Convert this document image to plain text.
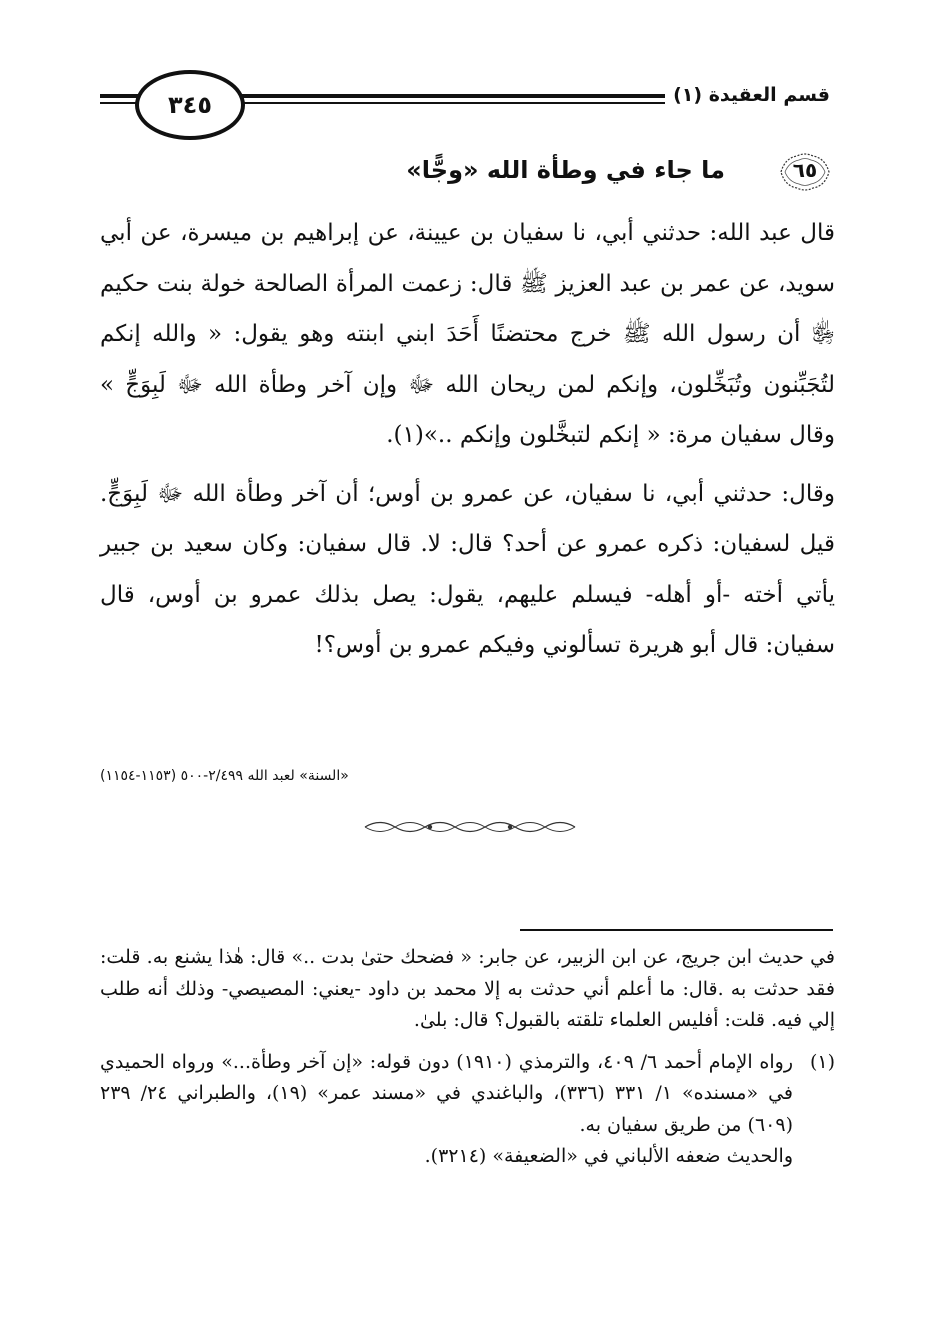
٣٤٥	قسم العقيدة (١)
٦٥
ما جاء في وطأة الله «وجًّا»

قال عبد الله: حدثني أبي، نا سفيان بن عيينة، عن إبراهيم بن ميسرة، عن أبي سويد، عن عمر بن عبد العزيز ﷺ قال: زعمت المرأة الصالحة خولة بنت حكيم ﵂ أن رسول الله ﷺ خرج محتضنًا أَحَدَ ابني ابنته وهو يقول: « والله إنكم لتُجَبِّنون وتُبَخِّلون، وإنكم لمن ريحان الله ﷻ وإن آخر وطأة الله ﷻ لَبِوَجٍّ » وقال سفيان مرة: « إنكم لتبخَّلون وإنكم ..»(١).

وقال: حدثني أبي، نا سفيان، عن عمرو بن أوس؛ أن آخر وطأة الله ﷻ لَبِوَجٍّ. قيل لسفيان: ذكره عمرو عن أحد؟ قال: لا. قال سفيان: وكان سعيد بن جبير يأتي أخته -أو أهله- فيسلم عليهم، يقول: يصل بذلك عمرو بن أوس، قال سفيان: قال أبو هريرة تسألوني وفيكم عمرو بن أوس؟!

«السنة» لعبد الله ٢/٤٩٩-٥٠٠ (١١٥٣-١١٥٤)

في حديث ابن جريج، عن ابن الزبير، عن جابر: « فضحك حتىٰ بدت ..» قال: هٰذا يشنع به. قلت: فقد حدثت به .قال: ما أعلم أني حدثت به إلا محمد بن داود -يعني: المصيصي- وذلك أنه طلب إلي فيه. قلت: أفليس العلماء تلقته بالقبول؟ قال: بلىٰ.

(١)

رواه الإمام أحمد ٦/ ٤٠٩، والترمذي (١٩١٠) دون قوله: «إن آخر وطأة...» ورواه الحميدي في «مسنده» ١/ ٣٣١ (٣٣٦)، والباغندي في «مسند عمر» (١٩)، والطبراني ٢٤/ ٢٣٩ (٦٠٩) من طريق سفيان به.

والحديث ضعفه الألباني في «الضعيفة» (٣٢١٤).
